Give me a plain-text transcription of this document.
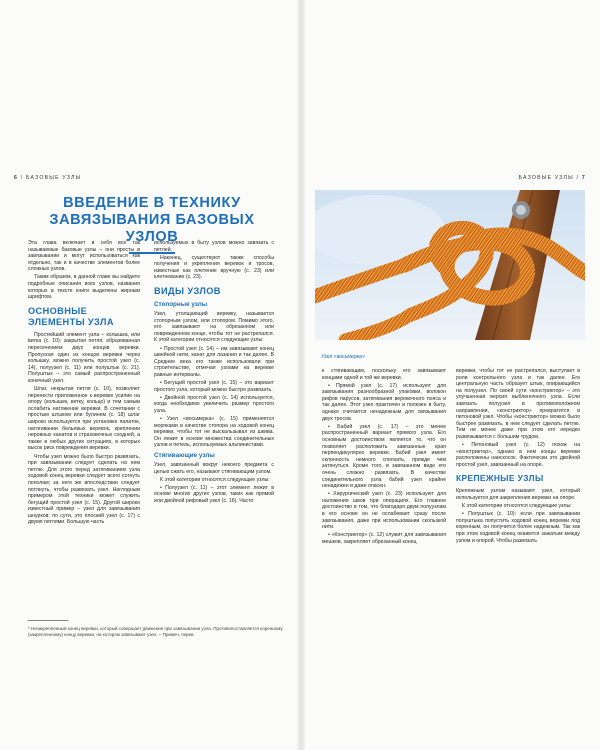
6 / БАЗОВЫЕ УЗЛЫ	БАЗОВЫЕ УЗЛЫ / 7
ВВЕДЕНИЕ В ТЕХНИКУ ЗАВЯЗЫВАНИЯ БАЗОВЫХ УЗЛОВ

Эта глава включает в себя все так называемые базовые узлы – они просты в завязывании и могут использоваться как отдельно, так и в качестве элементов более сложных узлов.

Таким образом, в данной главе вы найдете подробные описания всех узлов, названия которых в тексте книги выделены жирным шрифтом.

ОСНОВНЫЕ ЭЛЕМЕНТЫ УЗЛА

Простейший элемент узла – колышка, или витка (с. 10): закрытая петля, образованная пересечением двух концов веревки. Пропуская один из концов веревки через колышку, можно получить простой узел (с. 14), полуузел (с. 11) или полуштык (с. 21). Полуштык – это самый распространенный конечный узел.

Шлаг, некрытая петля (с. 10), позволяет перенести приложенное к веревке усилие на опору (колышек, ветку, кольцо) и тем самым ослабить натяжение веревки. В сочетании с простым штыком или булинем (с. 18) шлаг широко используется при установке палаток, натягивании бельевых веревок, креплении неровных канатов и страховочных сходней, а также в любых других ситуациях, в которых высок риск повреждения веревки.

Чтобы узел можно было быстро развязать, при завязывании следует сделать на нем петлю. Для этого перед затягиванием узла ходовой конец веревки следует всего согнуть пополам; за него же впоследствии следует потянуть, чтобы развязать узел. Наглядным примером этой техники может служить бегущий простой узел (с. 15). Другой широко известный пример – узел для завязывания шнурков: по сути, это плоский узел (с. 17) с двумя петлями. Большую часть

используемых в быту узлов можно завязать с петлей.

Наконец, существуют также способы получения и укрепления веревок и тросов, известные как плетение вручную (с. 23) или клетневание (с. 23).

ВИДЫ УЗЛОВ
Стопорные узлы

Узел, утолщающий веревку, называется стопорным узлом, или стопором. Помимо этого, его завязывают на обрезанном или поврежденном конце, чтобы тот не растрепался. К этой категории относятся следующие узлы:

• Простой узел (с. 14) – им завязывают конец швейной нити, канат для лазания и так далее. В Средние века его также использовали при строительстве, отмечая узлами на веревке равные интервалы.

• Бегущий простой узел (с. 15) – это вариант простого узла, который можно быстро развязать.

• Двойной простой узел (с. 14) используется, когда необходимо увеличить размер простого узла.

• Узел «восьмерка» (с. 15) применяется моряками в качестве стопора на ходовой конец веревки, чтобы тот не выскальзывал из шкива. Он лежит в основе множества соединительных узлов и петель, используемых альпинистами.

Стягивающие узлы

Узел, завязанный вокруг некоего предмета с целью сжать его, называют стягивающим узлом.

К этой категории относятся следующие узлы:

• Полуузел (с. 11) – этот элемент лежит в основе многих других узлов, таких как прямой или двойной рифовый узел (с. 16). Часто

* Незакрепленный конец веревки, который совершает движение при завязывании узла. Противопоставляется коренному (закрепленному) концу веревки, на котором завязывают узел. – Примеч. перев.
Узел «восьмерка»

к стягивающим, поскольку его завязывают концами одной и той же веревки.

• Прямой узел (с. 17) используют для завязывания разнообразной упаковки, волокон рифов парусов, затягивания веревочного пояса и так далее. Этот узел практичен и полезен в быту, однако считается ненадежным для связывания двух тросов.

• Бабий узел (с. 17) – это менее распространенный вариант прямого узла. Его основным достоинством является то, что он позволяет расположить завязанные края перпендикулярно веревке. Бабий узел имеет склонность немного сползать, прежде чем затянуться. Кроме того, в завязанном виде его очень сложно развязать. В качестве соединительного узла бабий узел крайне ненадежен и даже опасен.

• Хирургический узел (с. 23) используют для наложения швов при операциях. Его главное достоинство в том, что благодаря двум полуузлам в его основе он не ослабевает сразу после завязывания, даже при использовании скользкой нити.

• «Констриктор» (с. 12) служит для завязывания мешков, закрепляет обрезанный конец

веревки, чтобы тот не растрепался, выступает в роли контрольного узла и так далее. Его центральную часть образует штык, опирающийся на полуузел. По своей сути «констриктор» – это улучшенная версия выбленочного узла. Если завязать полуузел в противоположном направлении, «констриктор» превратится в питоновой узел. Чтобы «констриктор» можно было быстрее развязать, в нем следует сделать петлю. Тем не менее даже при этом его нередко развязывается с большим трудом.

• Питоновый узел (с. 12) похож на «констриктор», однако в нем концы веревки расположены наискосок. Фактически это двойной простой узел, завязанный на опоре.

КРЕПЕЖНЫЕ УЗЛЫ

Крепежным узлом называют узел, который используется для закрепления веревки на опоре.

К этой категории относятся следующие узлы:

• Полуштык (с. 10): если при завязывании полуштыка попустить ходовой конец веревки под коренным, он получится более надежным. Так как при этом ходовой конец окажется зажатым между узлом и опорой. Чтобы развязать
